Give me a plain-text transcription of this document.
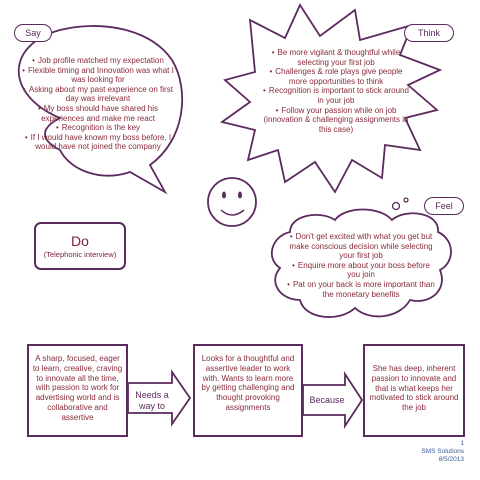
Say	Think
Feel
• Job profile matched my expectation
• Flexible timing and Innovation was what I was looking for
• Asking about my past experience on first day was irrelevant
• My boss should have shared his experiences and make me react
• Recognition is the key
• If I would have known my boss before, I would have not joined the company
• Be more vigilant & thoughtful while selecting your first job
• Challenges & role plays give people more opportunities to think
• Recognition is important to stick around in your job
• Follow your passion while on job (innovation & challenging assignments in this case)
• Don't get excited with what you get but make conscious decision while selecting your first job
• Enquire more about your boss before you join
• Pat on your back is more important than the monetary benefits
Do
(Telephonic interview)
A sharp, focused, eager to learn, creative, craving to innovate all the time, with passion to work for advertising world and is collaborative and assertive
Looks for a thoughtful and assertive leader to work with. Wants to learn more by getting challenging and thought provoking assignments
She has deep, inherent passion to innovate and that is what keeps her motivated to stick around the job
Needs a way to
Because
1
SMS Solutions
8/5/2013
